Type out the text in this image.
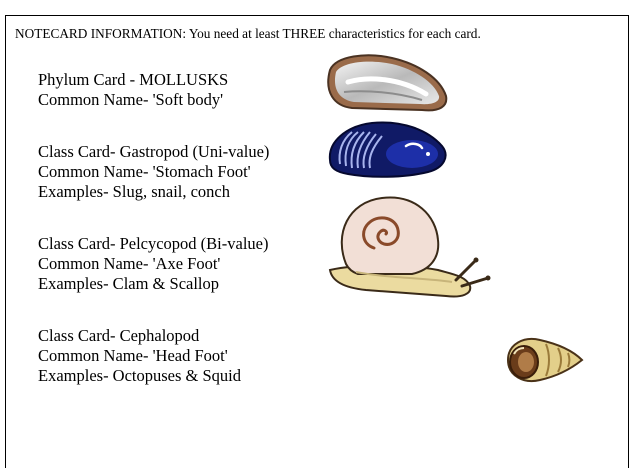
NOTECARD INFORMATION: You need at least THREE characteristics for each card.
Phylum Card - MOLLUSKS
Common Name- 'Soft body'
Class Card- Gastropod (Uni-value)
Common Name- 'Stomach Foot'
Examples- Slug, snail, conch
Class Card- Pelcycopod (Bi-value)
Common Name- 'Axe Foot'
Examples- Clam & Scallop
Class Card- Cephalopod
Common Name- 'Head Foot'
Examples- Octopuses & Squid
